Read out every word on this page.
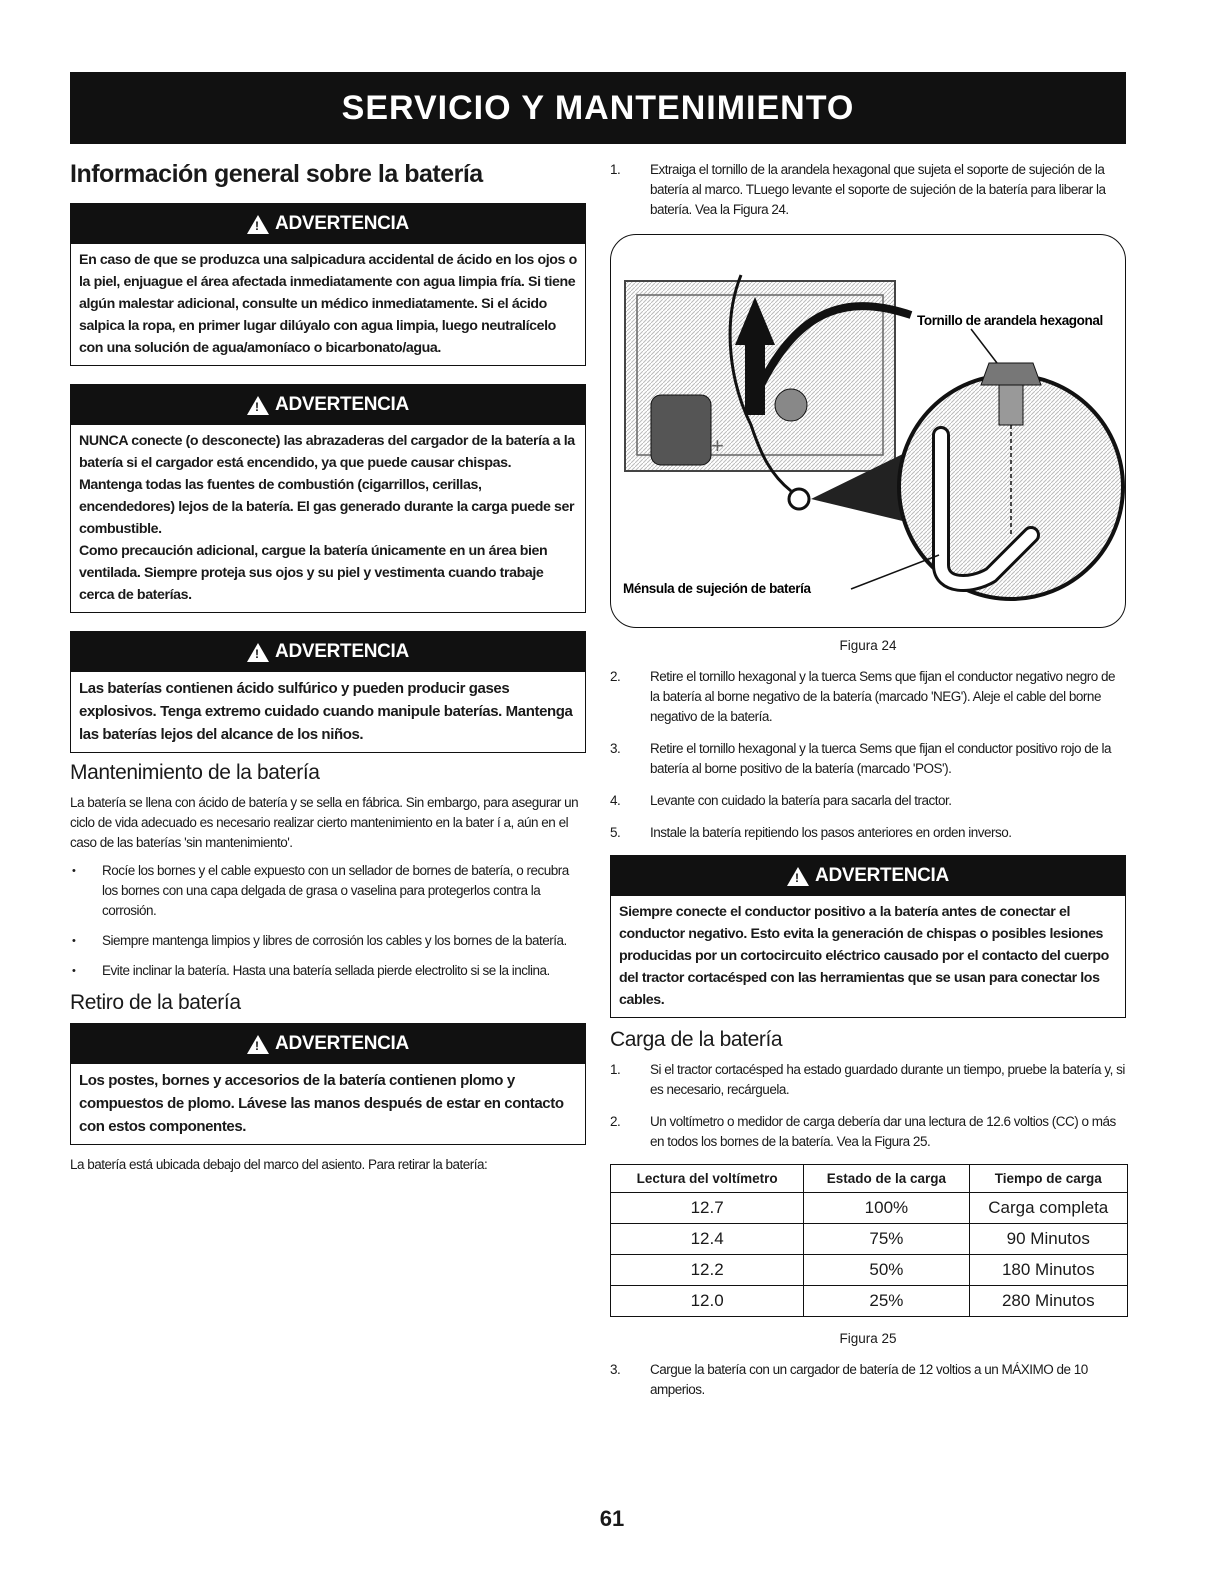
SERVICIO Y MANTENIMIENTO
Información general sobre la batería
! ADVERTENCIA
En caso de que se produzca una salpicadura accidental de ácido en los ojos o la piel, enjuague el área afectada inmediatamente con agua limpia fría. Si tiene algún malestar adicional, consulte un médico inmediatamente. Si el ácido salpica la ropa, en primer lugar dilúyalo con agua limpia, luego neutralícelo con una solución de agua/amoníaco o bicarbonato/agua.
! ADVERTENCIA
NUNCA conecte (o desconecte) las abrazaderas del cargador de la batería a la batería si el cargador está encendido, ya que puede causar chispas. Mantenga todas las fuentes de combustión (cigarrillos, cerillas, encendedores) lejos de la batería. El gas generado durante la carga puede ser combustible.
Como precaución adicional, cargue la batería únicamente en un área bien ventilada. Siempre proteja sus ojos y su piel y vestimenta cuando trabaje cerca de baterías.
! ADVERTENCIA
Las baterías contienen ácido sulfúrico y pueden producir gases explosivos. Tenga extremo cuidado cuando manipule baterías. Mantenga las baterías lejos del alcance de los niños.
Mantenimiento de la batería

La batería se llena con ácido de batería y se sella en fábrica. Sin embargo, para asegurar un ciclo de vida adecuado es necesario realizar cierto mantenimiento en la bater í a, aún en el caso de las baterías 'sin mantenimiento'.

• Rocíe los bornes y el cable expuesto con un sellador de bornes de batería, o recubra los bornes con una capa delgada de grasa o vaselina para protegerlos contra la corrosión.
• Siempre mantenga limpios y libres de corrosión los cables y los bornes de la batería.
• Evite inclinar la batería. Hasta una batería sellada pierde electrolito si se la inclina.
Retiro de la batería
! ADVERTENCIA
Los postes, bornes y accesorios de la batería contienen plomo y compuestos de plomo. Lávese las manos después de estar en contacto con estos componentes.

La batería está ubicada debajo del marco del asiento. Para retirar la batería:

1. Extraiga el tornillo de la arandela hexagonal que sujeta el soporte de sujeción de la batería al marco. TLuego levante el soporte de sujeción de la batería para liberar la batería. Vea la Figura 24.
+
Tornillo de arandela hexagonal
Ménsula de sujeción de batería
Figura 24
2. Retire el tornillo hexagonal y la tuerca Sems que fijan el conductor negativo negro de la batería al borne negativo de la batería (marcado 'NEG'). Aleje el cable del borne negativo de la batería.
3. Retire el tornillo hexagonal y la tuerca Sems que fijan el conductor positivo rojo de la batería al borne positivo de la batería (marcado 'POS').
4. Levante con cuidado la batería para sacarla del tractor.
5. Instale la batería repitiendo los pasos anteriores en orden inverso.
! ADVERTENCIA
Siempre conecte el conductor positivo a la batería antes de conectar el conductor negativo. Esto evita la generación de chispas o posibles lesiones producidas por un cortocircuito eléctrico causado por el contacto del cuerpo del tractor cortacésped con las herramientas que se usan para conectar los cables.
Carga de la batería
1. Si el tractor cortacésped ha estado guardado durante un tiempo, pruebe la batería y, si es necesario, recárguela.
2. Un voltímetro o medidor de carga debería dar una lectura de 12.6 voltios (CC) o más en todos los bornes de la batería. Vea la Figura 25.
Lectura del voltímetro	Estado de la carga	Tiempo de carga
12.7	100%	Carga completa
12.4	75%	90 Minutos
12.2	50%	180 Minutos
12.0	25%	280 Minutos
Figura 25
3. Cargue la batería con un cargador de batería de 12 voltios a un MÁXIMO de 10 amperios.
61
